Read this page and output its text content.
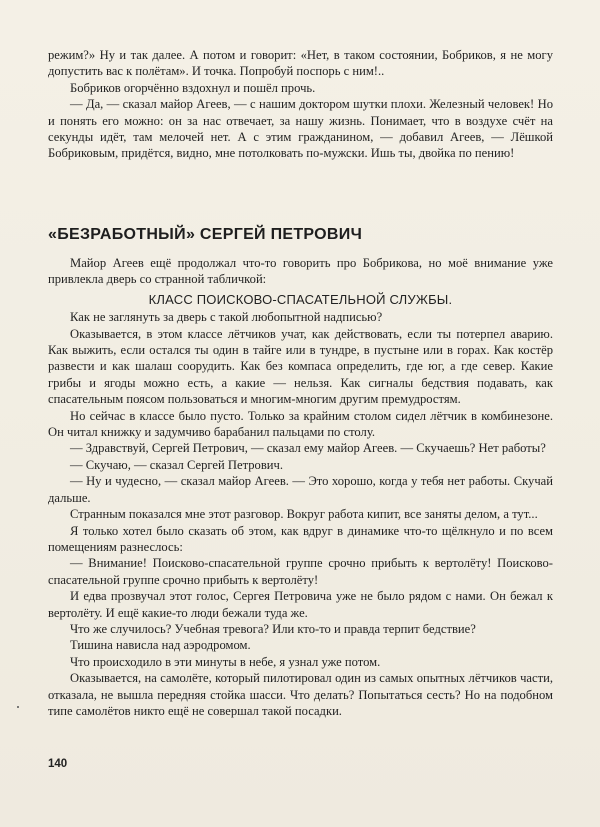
режим?» Ну и так далее. А потом и говорит: «Нет, в таком состоянии, Бобриков, я не могу допустить вас к полётам». И точка. Попробуй поспорь с ним!..

Бобриков огорчённо вздохнул и пошёл прочь.

— Да, — сказал майор Агеев, — с нашим доктором шутки плохи. Железный человек! Но и понять его можно: он за нас отвечает, за нашу жизнь. Понимает, что в воздухе счёт на секунды идёт, там мелочей нет. А с этим гражданином, — добавил Агеев, — Лёшкой Бобриковым, придётся, видно, мне потолковать по-мужски. Ишь ты, двойка по пению!

«БЕЗРАБОТНЫЙ» СЕРГЕЙ ПЕТРОВИЧ

Майор Агеев ещё продолжал что-то говорить про Бобрикова, но моё внимание уже привлекла дверь со странной табличкой:

КЛАСС ПОИСКОВО-СПАСАТЕЛЬНОЙ СЛУЖБЫ.

Как не заглянуть за дверь с такой любопытной надписью?

Оказывается, в этом классе лётчиков учат, как действовать, если ты потерпел аварию. Как выжить, если остался ты один в тайге или в тундре, в пустыне или в горах. Как костёр развести и как шалаш соорудить. Как без компаса определить, где юг, а где север. Какие грибы и ягоды можно есть, а какие — нельзя. Как сигналы бедствия подавать, как спасательным поясом пользоваться и многим-многим другим премудростям.

Но сейчас в классе было пусто. Только за крайним столом сидел лётчик в комбинезоне. Он читал книжку и задумчиво барабанил пальцами по столу.

— Здравствуй, Сергей Петрович, — сказал ему майор Агеев. — Скучаешь? Нет работы?

— Скучаю, — сказал Сергей Петрович.

— Ну и чудесно, — сказал майор Агеев. — Это хорошо, когда у тебя нет работы. Скучай дальше.

Странным показался мне этот разговор. Вокруг работа кипит, все заняты делом, а тут...

Я только хотел было сказать об этом, как вдруг в динамике что-то щёлкнуло и по всем помещениям разнеслось:

— Внимание! Поисково-спасательной группе срочно прибыть к вертолёту! Поисково-спасательной группе срочно прибыть к вертолёту!

И едва прозвучал этот голос, Сергея Петровича уже не было рядом с нами. Он бежал к вертолёту. И ещё какие-то люди бежали туда же.

Что же случилось? Учебная тревога? Или кто-то и правда терпит бедствие?

Тишина нависла над аэродромом.

Что происходило в эти минуты в небе, я узнал уже потом.

Оказывается, на самолёте, который пилотировал один из самых опытных лётчиков части, отказала, не вышла передняя стойка шасси. Что делать? Попытаться сесть? Но на подобном типе самолётов никто ещё не совершал такой посадки.

140
